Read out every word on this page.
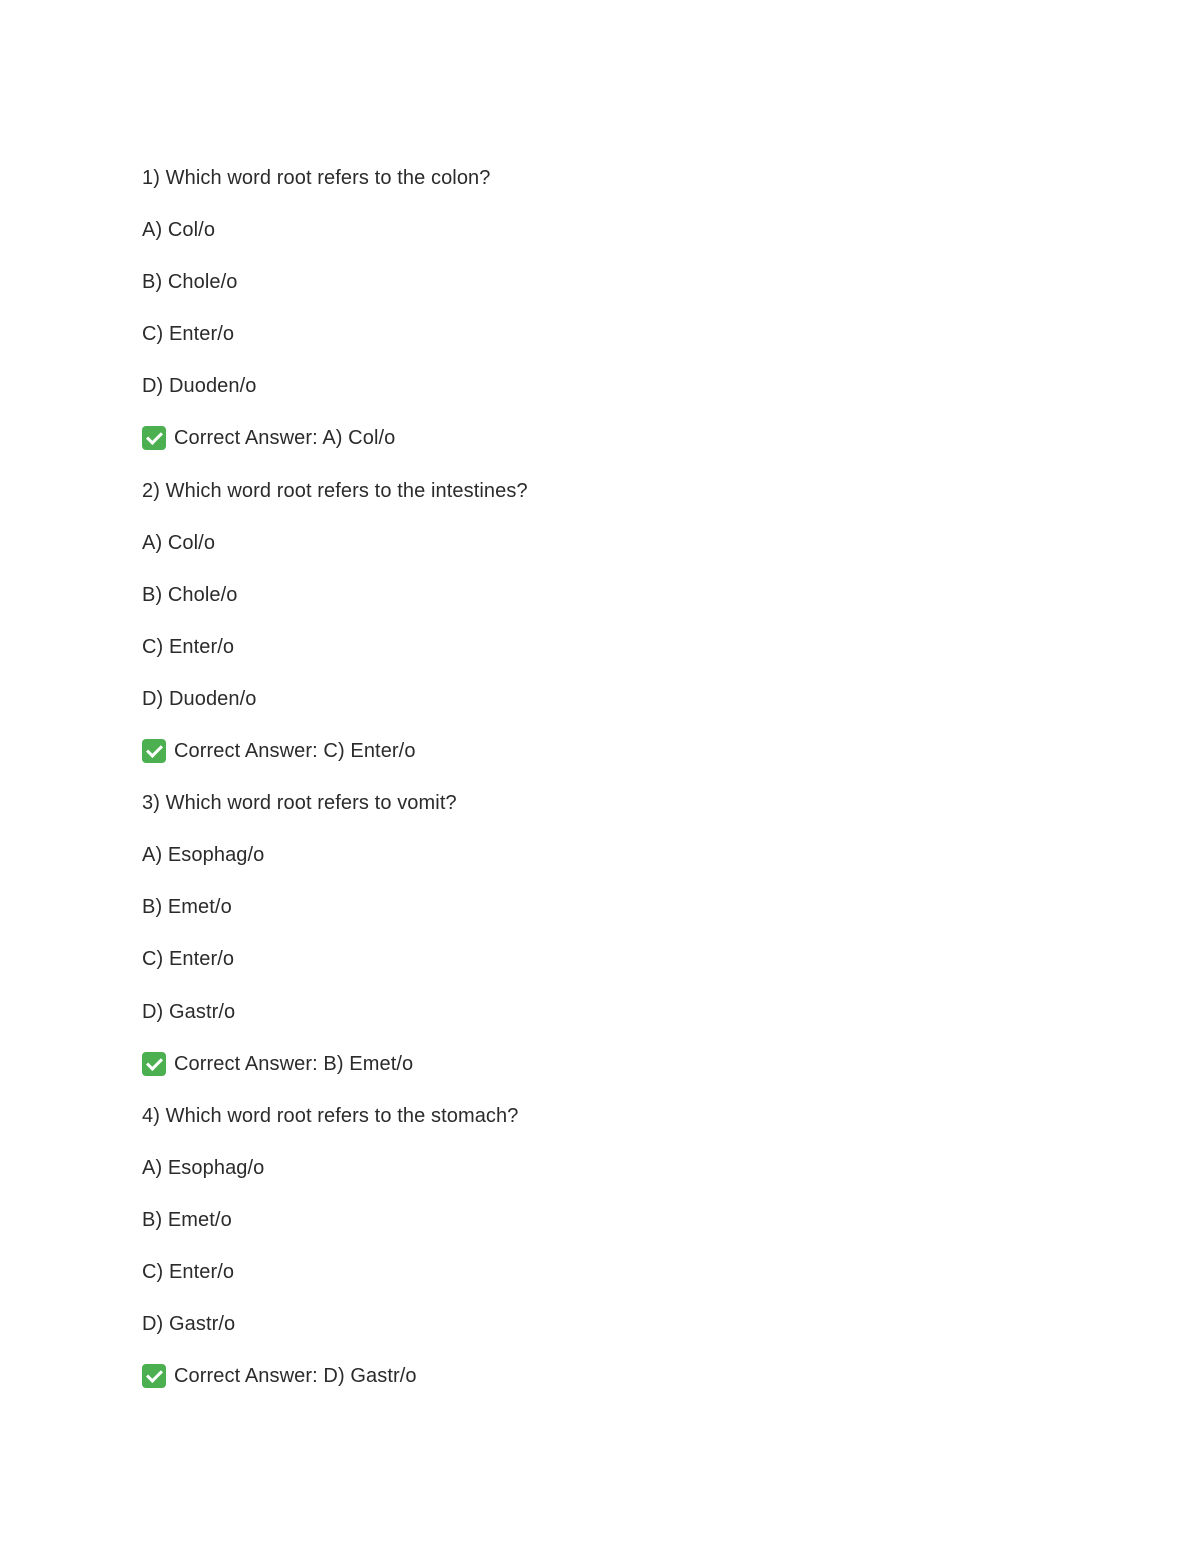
1) Which word root refers to the colon?
A) Col/o
B) Chole/o
C) Enter/o
D) Duoden/o
Correct Answer: A) Col/o
2) Which word root refers to the intestines?
A) Col/o
B) Chole/o
C) Enter/o
D) Duoden/o
Correct Answer: C) Enter/o
3) Which word root refers to vomit?
A) Esophag/o
B) Emet/o
C) Enter/o
D) Gastr/o
Correct Answer: B) Emet/o
4) Which word root refers to the stomach?
A) Esophag/o
B) Emet/o
C) Enter/o
D) Gastr/o
Correct Answer: D) Gastr/o
